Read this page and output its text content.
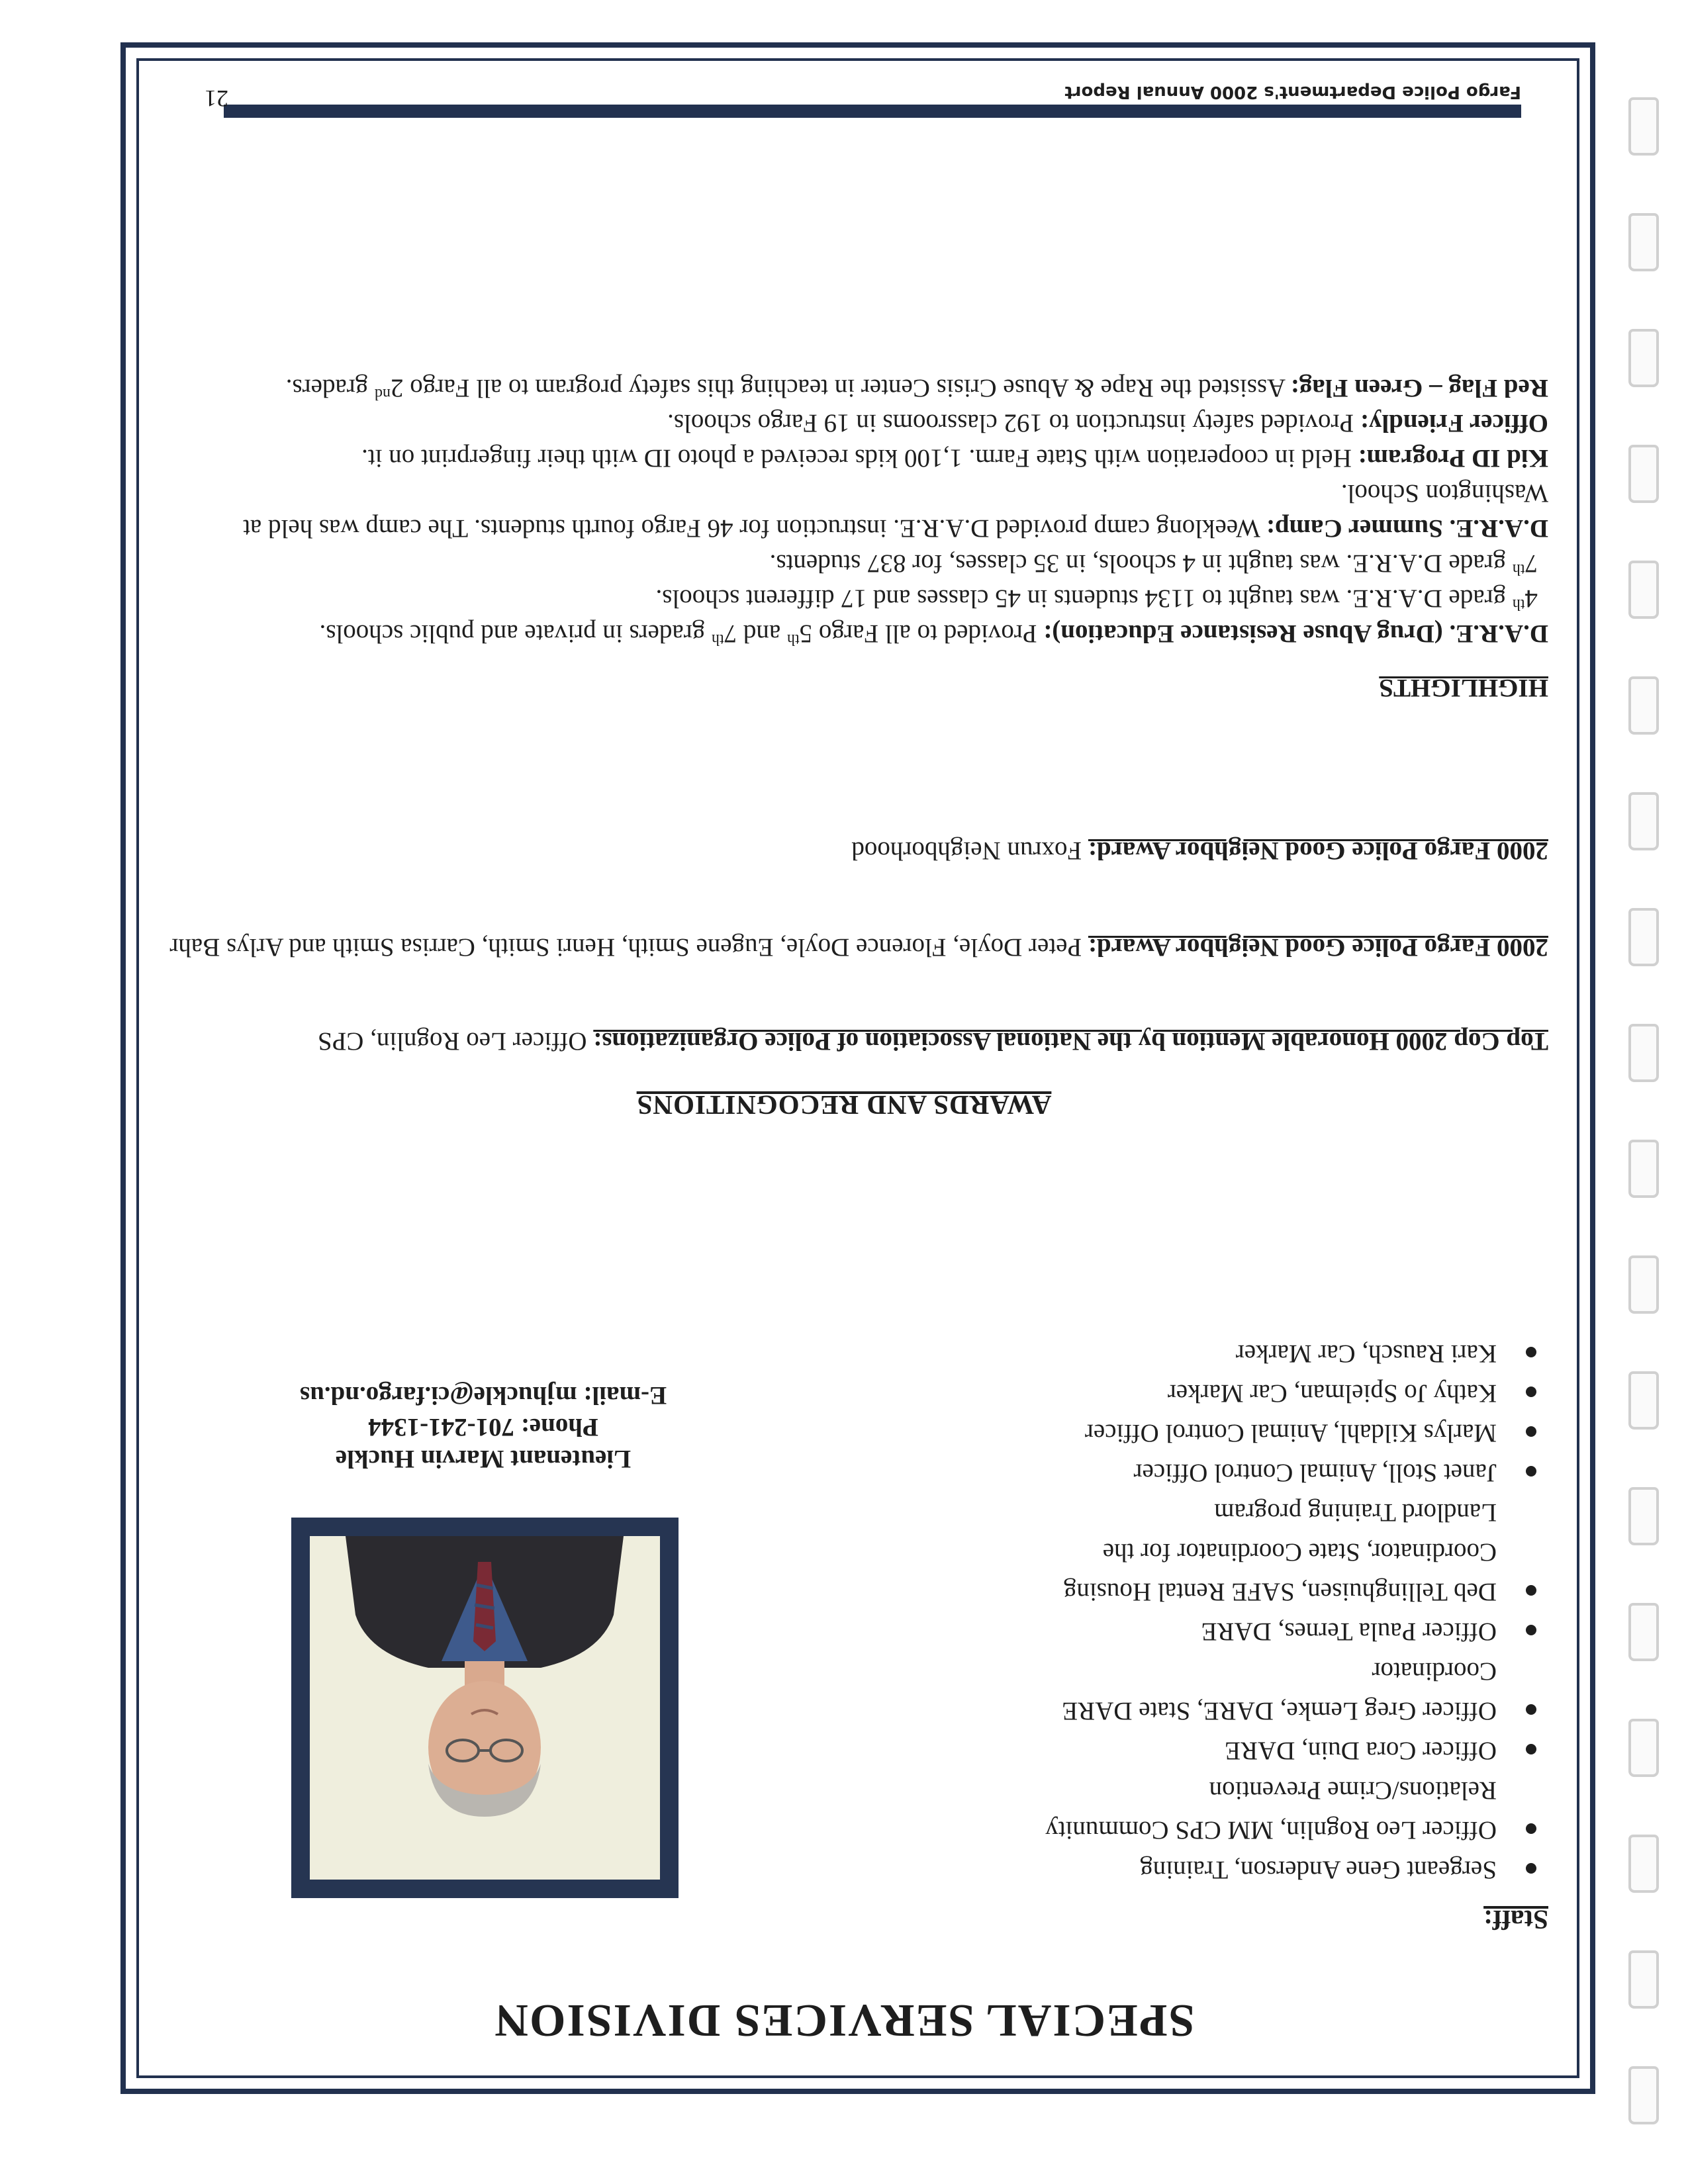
SPECIAL SERVICES DIVISION
Staff:
Sergeant Gene Anderson, Training
Officer Leo Rognlin, MM CPS Community Relations/Crime Prevention
Officer Cora Duin, DARE
Officer Greg Lemke, DARE, State DARE Coordinator
Officer Paula Ternes, DARE
Deb Tellinghuisen, SAFE Rental Housing Coordinator, State Coordinator for the Landlord Training program
Janet Stoll, Animal Control Officer
Marlys Kildahl, Animal Control Officer
Kathy Jo Spielman, Car Marker
Kari Rausch, Car Marker
Lieutenant Marvin Huckle
Phone: 701-241-1344
E-mail: mjhuckle@ci.fargo.nd.us
AWARDS AND RECOGNITIONS
Top Cop 2000 Honorable Mention by the National Association of Police Organizations: Officer Leo Rognlin, CPS
2000 Fargo Police Good Neighbor Award: Peter Doyle, Florence Doyle, Eugene Smith, Henri Smith, Carrisa Smith and Arlys Bahr
2000 Fargo Police Good Neighbor Award: Foxrun Neighborhood
HIGHLIGHTS
D.A.R.E. (Drug Abuse Resistance Education): Provided to all Fargo 5th and 7th graders in private and public schools.
4th grade D.A.R.E. was taught to 1134 students in 45 classes and 17 different schools.
7th grade D.A.R.E. was taught in 4 schools, in 35 classes, for 837 students.
D.A.R.E. Summer Camp: Weeklong camp provided D.A.R.E. instruction for 46 Fargo fourth students. The camp was held at Washington School.
Kid ID Program: Held in cooperation with State Farm. 1,100 kids received a photo ID with their fingerprint on it.
Officer Friendly: Provided safety instruction to 192 classrooms in 19 Fargo schools.
Red Flag – Green Flag: Assisted the Rape & Abuse Crisis Center in teaching this safety program to all Fargo 2nd graders.
Fargo Police Department's 2000 Annual Report
21
